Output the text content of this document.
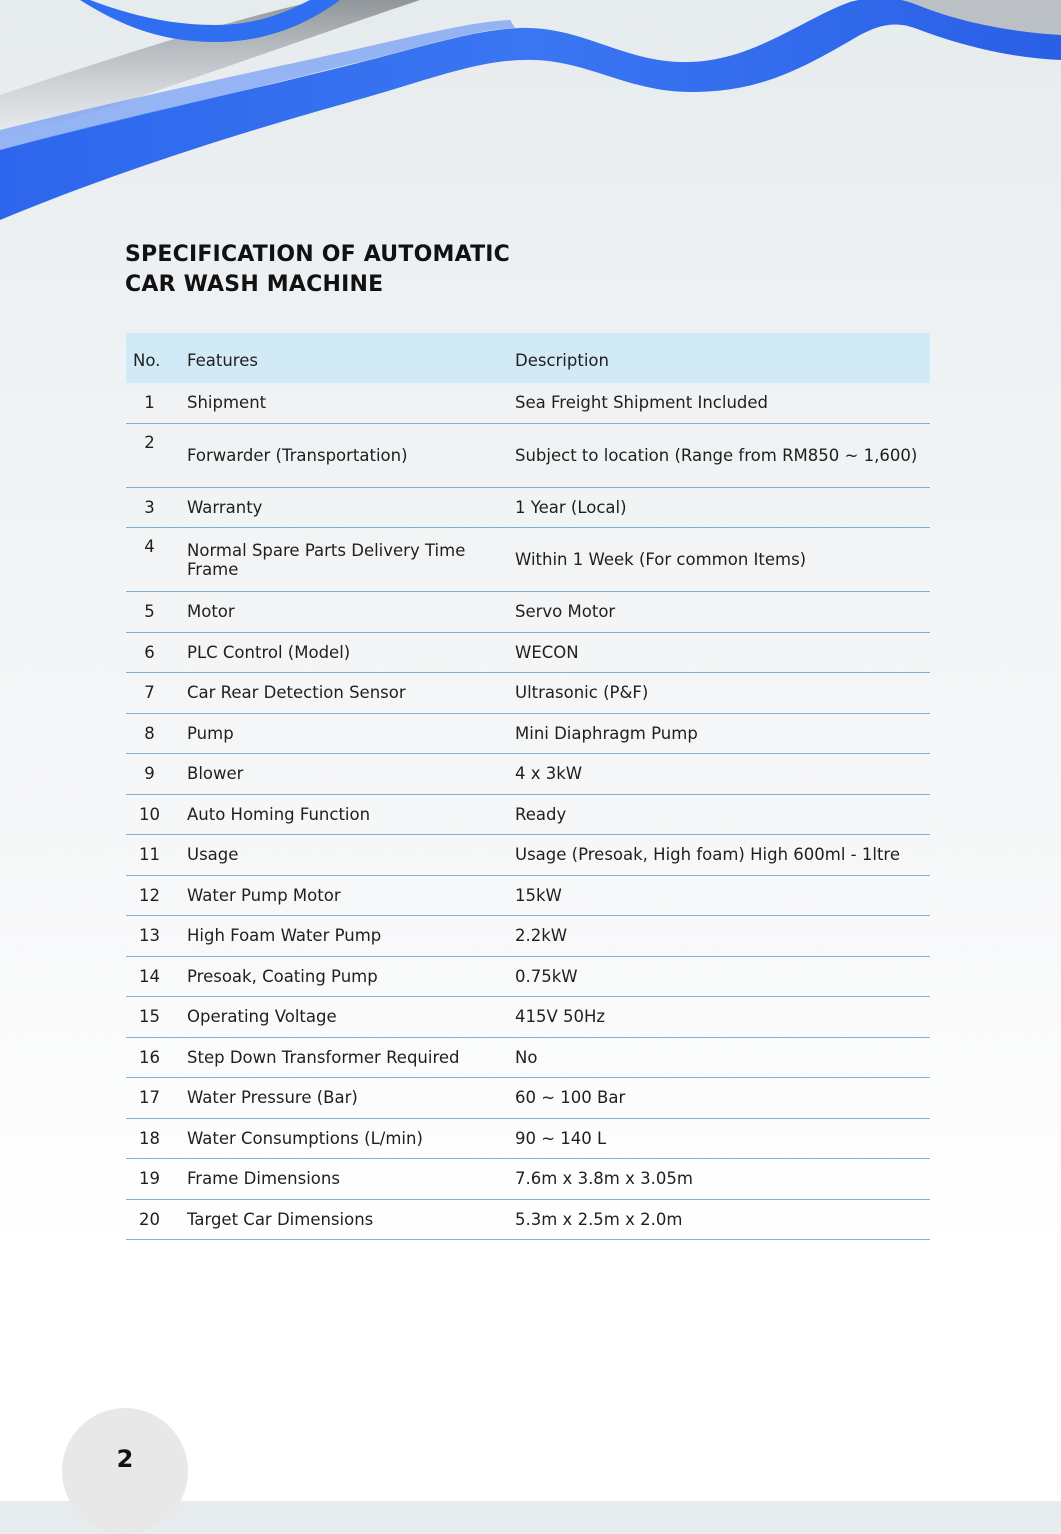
SPECIFICATION OF AUTOMATIC
CAR WASH MACHINE
No.	Features	Description
1	Shipment	Sea Freight Shipment Included
2	Forwarder (Transportation)	Subject to location (Range from RM850 ~ 1,600)
3	Warranty	1 Year (Local)
4	Normal Spare Parts Delivery Time Frame	Within 1 Week (For common Items)
5	Motor	Servo Motor
6	PLC Control (Model)	WECON
7	Car Rear Detection Sensor	Ultrasonic (P&F)
8	Pump	Mini Diaphragm Pump
9	Blower	4 x 3kW
10	Auto Homing Function	Ready
11	Usage	Usage (Presoak, High foam) High 600ml - 1ltre
12	Water Pump Motor	15kW
13	High Foam Water Pump	2.2kW
14	Presoak, Coating Pump	0.75kW
15	Operating Voltage	415V 50Hz
16	Step Down Transformer Required	No
17	Water Pressure (Bar)	60 ~ 100 Bar
18	Water Consumptions (L/min)	90 ~ 140 L
19	Frame Dimensions	7.6m x 3.8m x 3.05m
20	Target Car Dimensions	5.3m x 2.5m x 2.0m
2
